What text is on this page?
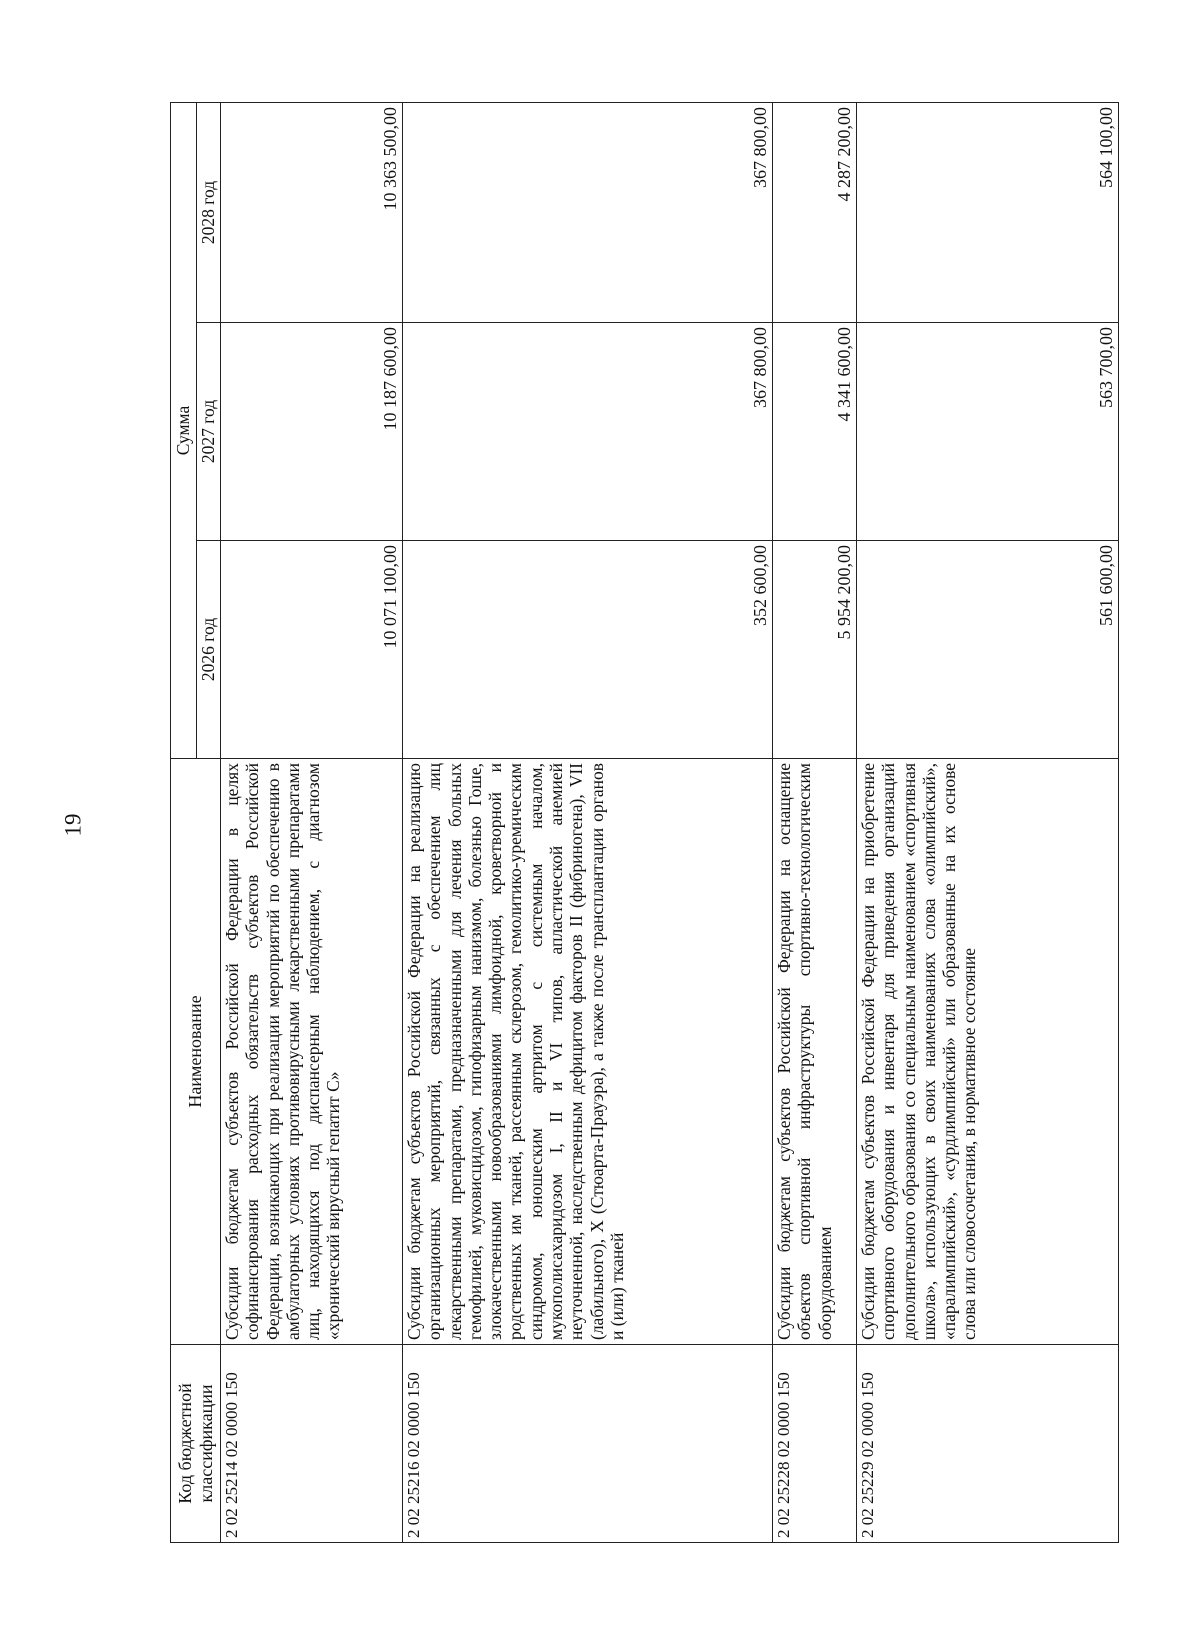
19
Код бюджетной классификации	Наименование	Сумма		
		2026 год	2027 год	2028 год
2 02 25214 02 0000 150	Субсидии бюджетам субъектов Российской Федерации в целях софинансирования расходных обязательств субъектов Российской Федерации, возникающих при реализации мероприятий по обеспечению в амбулаторных условиях противовирусными лекарственными препаратами лиц, находящихся под диспансерным наблюдением, с диагнозом «хронический вирусный гепатит С»	10 071 100,00	10 187 600,00	10 363 500,00
2 02 25216 02 0000 150	Субсидии бюджетам субъектов Российской Федерации на реализацию организационных мероприятий, связанных с обеспечением лиц лекарственными препаратами, предназначенными для лечения больных гемофилией, муковисцидозом, гипофизарным нанизмом, болезнью Гоше, злокачественными новообразованиями лимфоидной, кроветворной и родственных им тканей, рассеянным склерозом, гемолитико-уремическим синдромом, юношеским артритом с системным началом, мукополисахаридозом I, II и VI типов, апластической анемией неуточненной, наследственным дефицитом факторов II (фибриногена), VII (лабильного), X (Стюарта-Прауэра), а также после трансплантации органов и (или) тканей	352 600,00	367 800,00	367 800,00
2 02 25228 02 0000 150	Субсидии бюджетам субъектов Российской Федерации на оснащение объектов спортивной инфраструктуры спортивно-технологическим оборудованием	5 954 200,00	4 341 600,00	4 287 200,00
2 02 25229 02 0000 150	Субсидии бюджетам субъектов Российской Федерации на приобретение спортивного оборудования и инвентаря для приведения организаций дополнительного образования со специальным наименованием «спортивная школа», использующих в своих наименованиях слова «олимпийский», «паралимпийский», «сурдлимпийский» или образованные на их основе слова или словосочетания, в нормативное состояние	561 600,00	563 700,00	564 100,00
